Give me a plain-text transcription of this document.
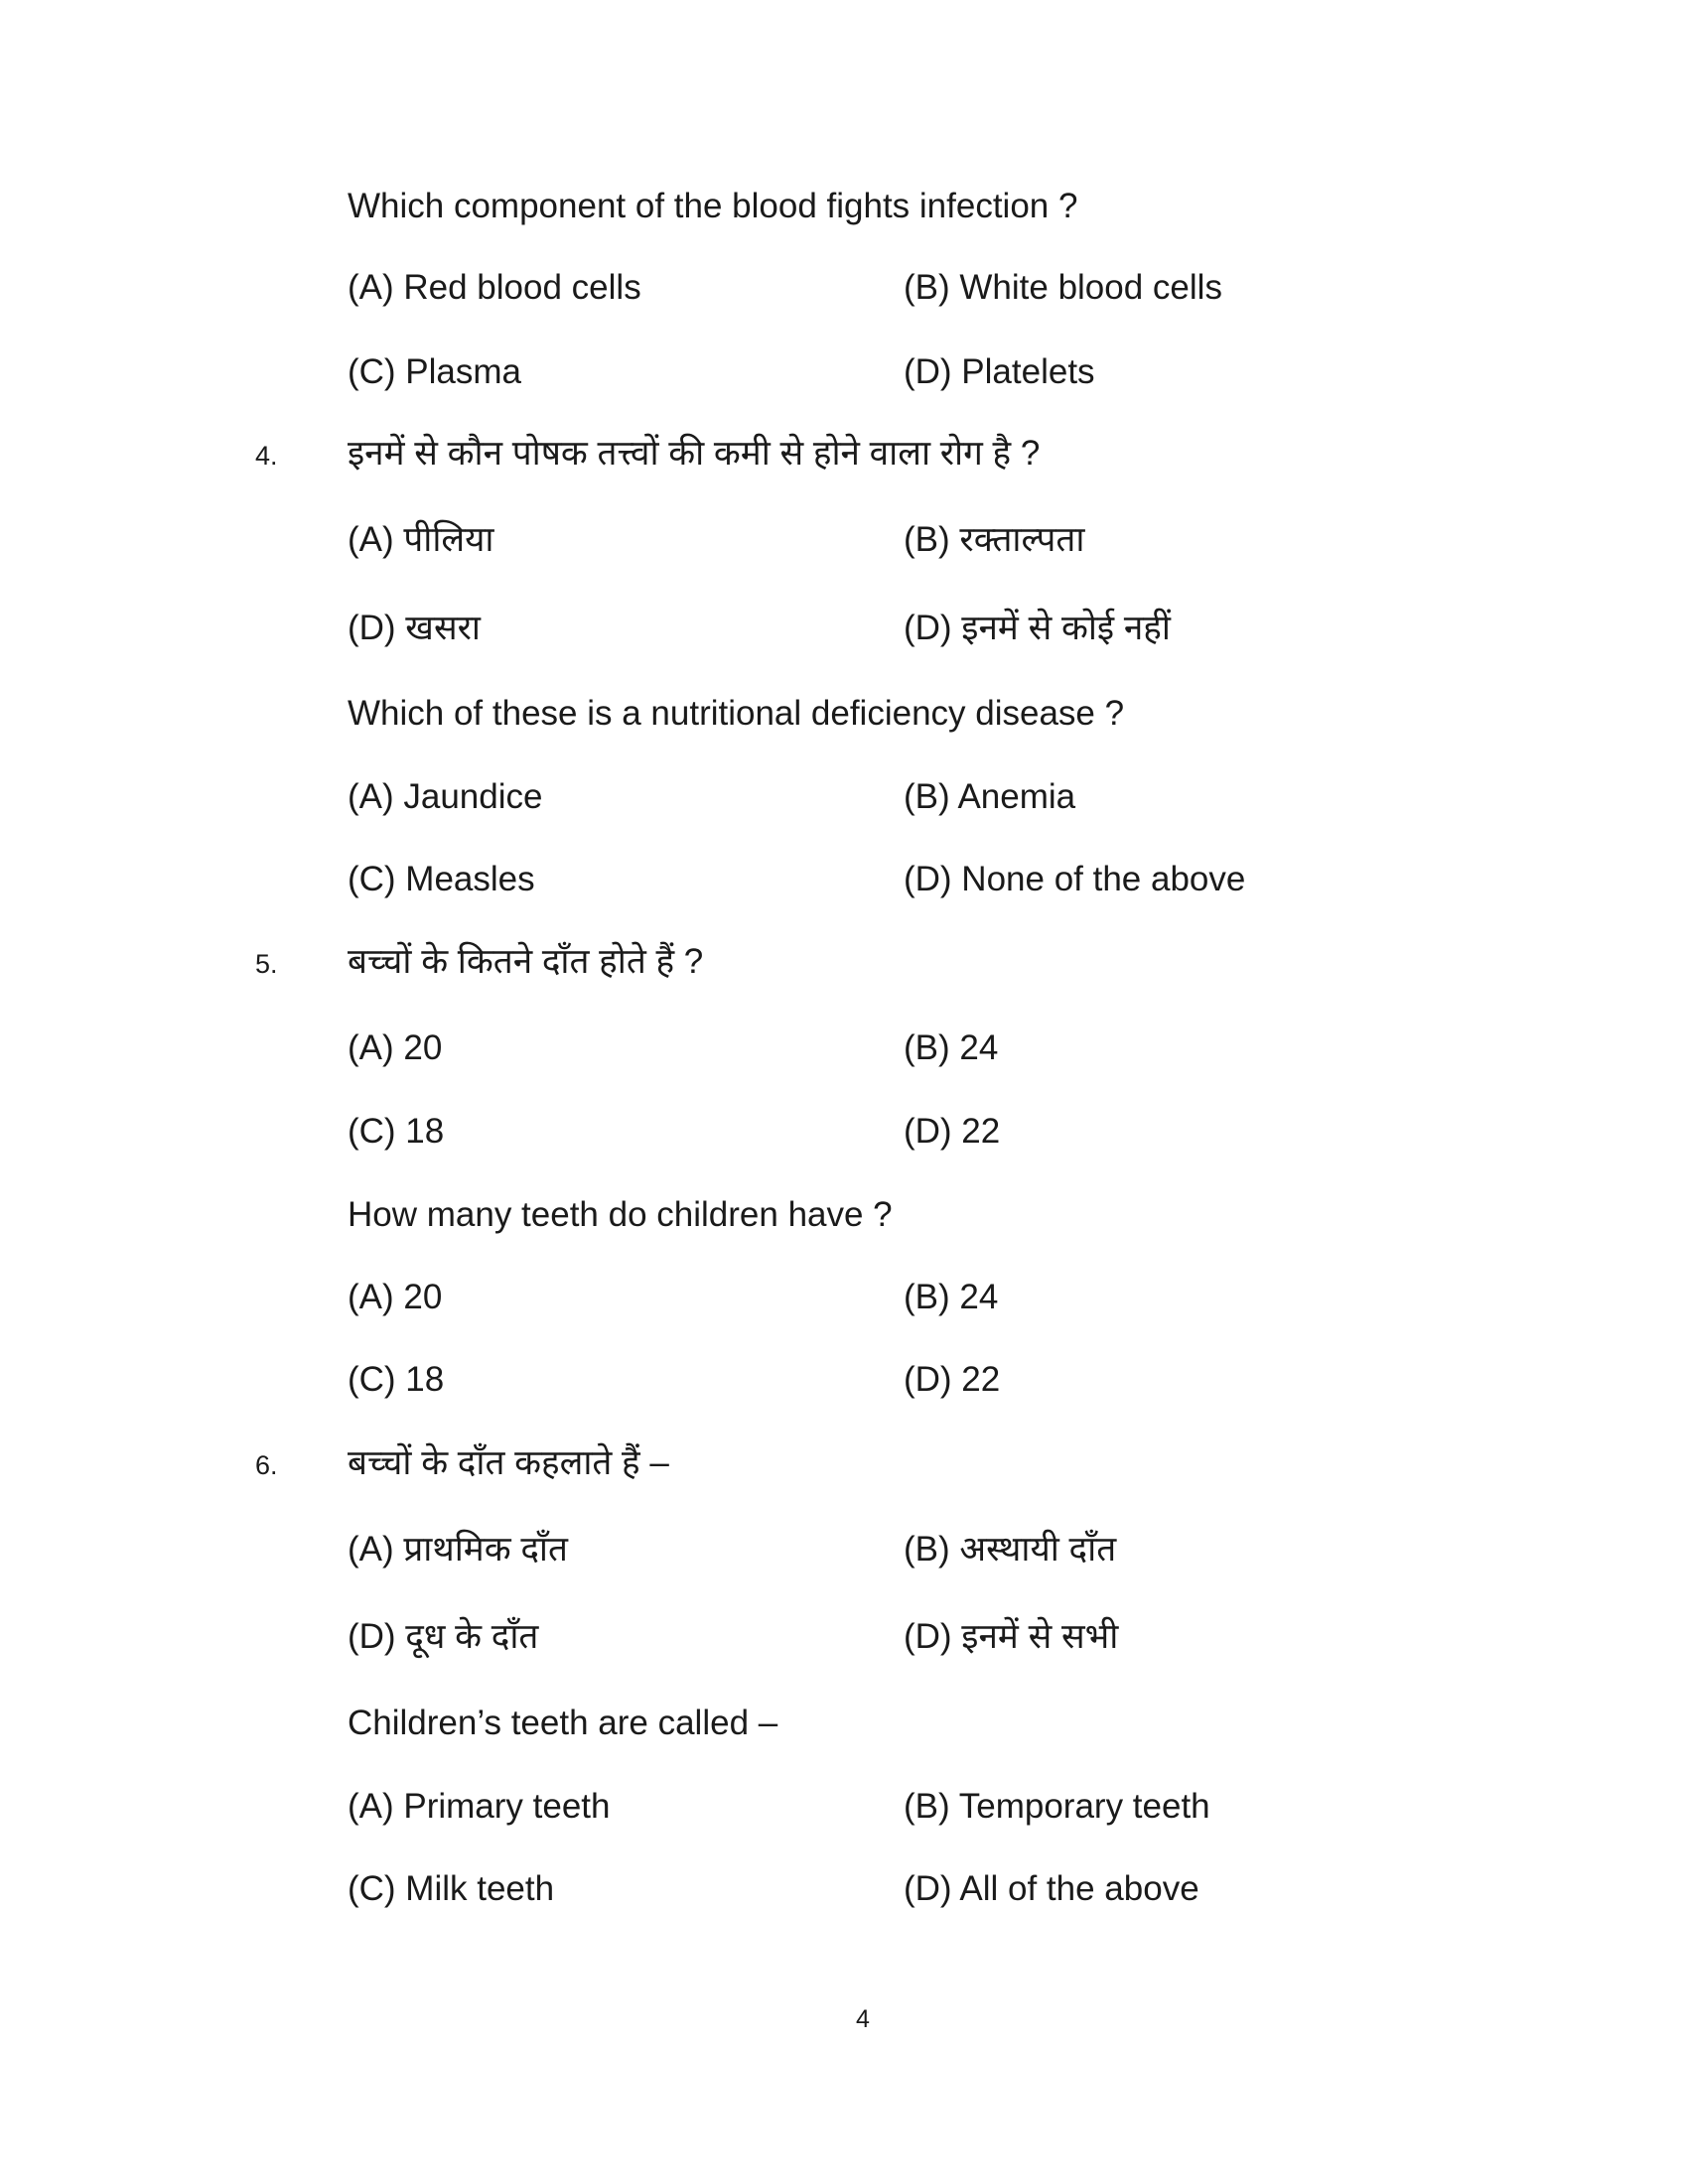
Which component of the blood fights infection ?
(A) Red blood cells	(B) White blood cells
(C) Plasma	(D) Platelets
4. इनमें से कौन पोषक तत्त्वों की कमी से होने वाला रोग है ?
(A) पीलिया	(B) रक्ताल्पता
(D) खसरा	(D) इनमें से कोई नहीं
Which of these is a nutritional deficiency disease ?
(A) Jaundice	(B) Anemia
(C) Measles	(D) None of the above
5. बच्चों के कितने दाँत होते हैं ?
(A) 20	(B) 24
(C) 18	(D) 22
How many teeth do children have ?
(A) 20	(B) 24
(C) 18	(D) 22
6. बच्चों के दाँत कहलाते हैं –
(A) प्राथमिक दाँत	(B) अस्थायी दाँत
(D) दूध के दाँत	(D) इनमें से सभी
Children’s teeth are called –
(A) Primary teeth	(B) Temporary teeth
(C) Milk teeth	(D) All of the above
4
